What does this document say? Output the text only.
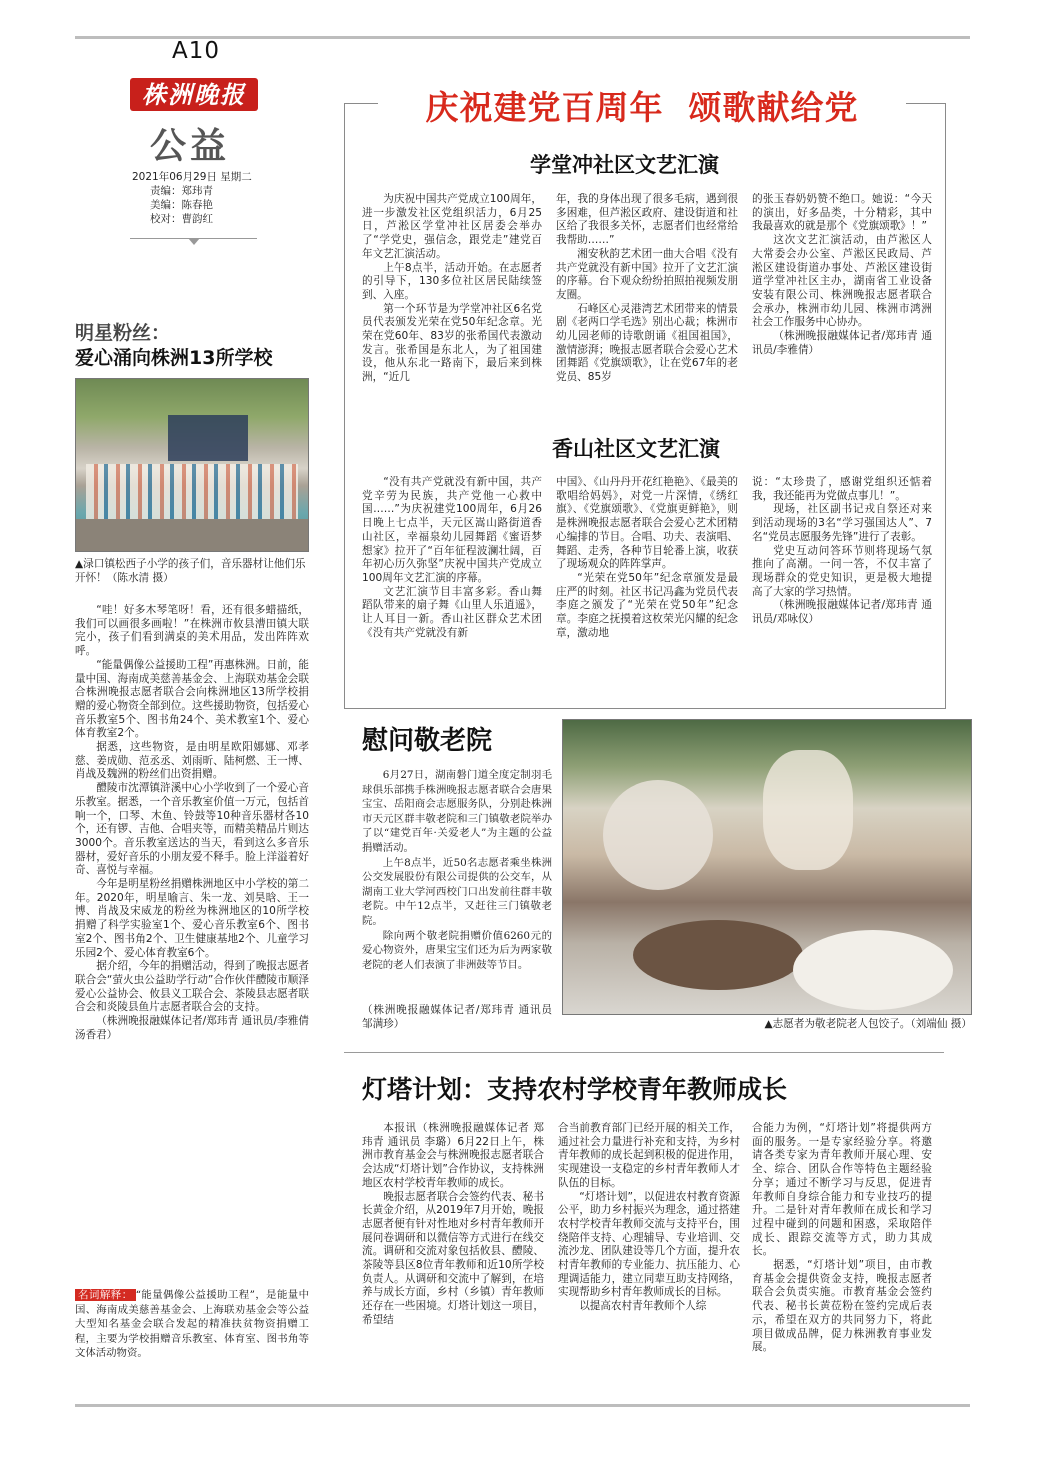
A10
株洲晚报
公益
2021年06月29日 星期二
责编：郑玮青
美编：陈春艳
校对：曹韵红
庆祝建党百周年  颂歌献给党
学堂冲社区文艺汇演

为庆祝中国共产党成立100周年，进一步激发社区党组织活力，6月25日，芦淞区学堂冲社区居委会举办了“学党史，强信念，跟党走”建党百年文艺汇演活动。

上午8点半，活动开始。在志愿者的引导下，130多位社区居民陆续签到、入座。

第一个环节是为学堂冲社区6名党员代表颁发光荣在党50年纪念章。光荣在党60年、83岁的张希国代表激动发言。张希国是东北人，为了祖国建设，他从东北一路南下，最后来到株洲，“近几

年，我的身体出现了很多毛病，遇到很多困难，但芦淞区政府、建设街道和社区给了我很多关怀，志愿者们也经常给我帮助……”

湘安秋韵艺术团一曲大合唱《没有共产党就没有新中国》拉开了文艺汇演的序幕。台下观众纷纷拍照拍视频发朋友圈。

石峰区心灵港湾艺术团带来的情景剧《老两口学毛选》别出心裁；株洲市幼儿园老师的诗歌朗诵《祖国祖国》，激情澎湃；晚报志愿者联合会爱心艺术团舞蹈《党旗颂歌》，让在党67年的老党员、85岁

的张玉春奶奶赞不绝口。她说：“今天的演出，好多品类，十分精彩，其中我最喜欢的就是那个《党旗颂歌》！”

这次文艺汇演活动，由芦淞区人大常委会办公室、芦淞区民政局、芦淞区建设街道办事处、芦淞区建设街道学堂冲社区主办，湖南省工业设备安装有限公司、株洲晚报志愿者联合会承办，株洲市幼儿园、株洲市鸿洲社会工作服务中心协办。

（株洲晚报融媒体记者/郑玮青 通讯员/李雅倩）

香山社区文艺汇演

“没有共产党就没有新中国，共产党辛劳为民族，共产党他一心救中国……”为庆祝建党100周年，6月26日晚上七点半，天元区嵩山路街道香山社区，幸福泉幼儿园舞蹈《蜜语梦想家》拉开了“百年征程波澜壮阔，百年初心历久弥坚”庆祝中国共产党成立100周年文艺汇演的序幕。

文艺汇演节目丰富多彩。香山舞蹈队带来的扇子舞《山里人乐逍遥》，让人耳目一新。香山社区群众艺术团《没有共产党就没有新

中国》、《山丹丹开花红艳艳》、《最美的歌唱给妈妈》，对党一片深情，《绣红旗》、《党旗颂歌》、《党旗更鲜艳》，则是株洲晚报志愿者联合会爱心艺术团精心编排的节目。合唱、功夫、表演唱、舞蹈、走秀，各种节目轮番上演，收获了现场观众的阵阵掌声。

“光荣在党50年”纪念章颁发是最庄严的时刻。社区书记冯鑫为党员代表李庭之颁发了“光荣在党50年”纪念章。李庭之抚摸着这枚荣光闪耀的纪念章，激动地

说：“太珍贵了，感谢党组织还惦着我，我还能再为党做点事儿！”。

现场，社区副书记戎自祭还对来到活动现场的3名“学习强国达人”、7名“党员志愿服务先锋”进行了表彰。

党史互动问答环节则将现场气氛推向了高潮。一问一答，不仅丰富了现场群众的党史知识，更是极大地提高了大家的学习热情。

（株洲晚报融媒体记者/郑玮青 通讯员/邓咏仪）

明星粉丝：
爱心涌向株洲13所学校
▲渌口镇松西子小学的孩子们，音乐器材让他们乐开怀！（陈水清 摄）

“哇！好多木琴笔呀！看，还有很多蜡描纸，我们可以画很多画啦！”在株洲市攸县漕田镇大联完小，孩子们看到满桌的美术用品，发出阵阵欢呼。

“能量偶像公益援助工程”再惠株洲。日前，能量中国、海南成美慈善基金会、上海联劝基金会联合株洲晚报志愿者联合会向株洲地区13所学校捐赠的爱心物资全部到位。这些援助物资，包括爱心音乐教室5个、图书角24个、美术教室1个、爱心体育教室2个。

据悉，这些物资，是由明星欧阳娜娜、邓孝慈、姜成勋、范丞丞、刘雨昕、陆柯燃、王一博、肖战及魏洲的粉丝们出资捐赠。

醴陵市沈潭镇浒溪中心小学收到了一个爱心音乐教室。据悉，一个音乐教室价值一万元，包括首响一个，口琴、木鱼、铃鼓等10种音乐器材各10个，还有锣、吉他、合唱夹等，而精美精品片则达3000个。音乐教室送达的当天，看到这么多音乐器材，爱好音乐的小朋友爱不释手。脸上洋溢着好奇、喜悦与幸福。

今年是明星粉丝捐赠株洲地区中小学校的第二年。2020年，明星喻言、朱一龙、刘昊晗、王一博、肖战及宋威龙的粉丝为株洲地区的10所学校捐赠了科学实验室1个、爱心音乐教室6个、图书室2个、图书角2个、卫生健康基地2个、儿童学习乐园2个、爱心体育教室6个。

据介绍，今年的捐赠活动，得到了晚报志愿者联合会“萤火虫公益助学行动”合作伙伴醴陵市顺泽爱心公益协会、攸县义工联合会、茶陵县志愿者联合会和炎陵县鱼片志愿者联合会的支持。

（株洲晚报融媒体记者/郑玮青 通讯员/李雅倩 汤香君）

名词解释： “能量偶像公益援助工程”，是能量中国、海南成美慈善基金会、上海联劝基金会等公益大型知名基金会联合发起的精准扶贫物资捐赠工程，主要为学校捐赠音乐教室、体育室、图书角等文体活动物资。
慰问敬老院

6月27日，湖南磐门道全度定制羽毛球俱乐部携手株洲晚报志愿者联合会唐果宝宝、岳阳商会志愿服务队，分别赴株洲市天元区群丰敬老院和三门镇敬老院举办了以“建党百年·关爱老人”为主题的公益捐赠活动。

上午8点半，近50名志愿者乘坐株洲公交发展股份有限公司提供的公交车，从湖南工业大学河西校门口出发前往群丰敬老院。中午12点半，又赶往三门镇敬老院。

除向两个敬老院捐赠价值6260元的爱心物资外，唐果宝宝们还为后为两家敬老院的老人们表演了非洲鼓等节目。

（株洲晚报融媒体记者/郑玮青 通讯员 邹满珍）	▲志愿者为敬老院老人包饺子。（刘端仙 摄）
灯塔计划：支持农村学校青年教师成长

本报讯（株洲晚报融媒体记者 郑玮青 通讯员 李璐）6月22日上午，株洲市教育基金会与株洲晚报志愿者联合会达成“灯塔计划”合作协议，支持株洲地区农村学校青年教师的成长。

晚报志愿者联合会签约代表、秘书长黄金介绍，从2019年7月开始，晚报志愿者便有针对性地对乡村青年教师开展问卷调研和以微信等方式进行在线交流。调研和交流对象包括攸县、醴陵、茶陵等县区8位青年教师和近10所学校负责人。从调研和交流中了解到，在培养与成长方面，乡村（乡镇）青年教师还存在一些困境。灯塔计划这一项目，希望结

合当前教育部门已经开展的相关工作，通过社会力量进行补充和支持，为乡村青年教师的成长起到积极的促进作用，实现建设一支稳定的乡村青年教师人才队伍的目标。

“灯塔计划”，以促进农村教育资源公平，助力乡村振兴为理念，通过搭建农村学校青年教师交流与支持平台，围绕陪伴支持、心理辅导、专业培训、交流沙龙、团队建设等几个方面，提升农村青年教师的专业能力、抗压能力、心理调适能力，建立同辈互助支持网络，实现帮助乡村青年教师成长的目标。

以提高农村青年教师个人综

合能力为例，“灯塔计划”将提供两方面的服务。一是专家经验分享。将邀请各类专家为青年教师开展心理、安全、综合、团队合作等特色主题经验分享；通过不断学习与反思，促进青年教师自身综合能力和专业技巧的提升。二是针对青年教师在成长和学习过程中碰到的问题和困惑，采取陪伴成长、跟踪交流等方式，助力其成长。

据悉，“灯塔计划”项目，由市教育基金会提供资金支持，晚报志愿者联合会负责实施。市教育基金会签约代表、秘书长黄莅粉在签约完成后表示，希望在双方的共同努力下，将此项目做成品牌，促力株洲教育事业发展。
